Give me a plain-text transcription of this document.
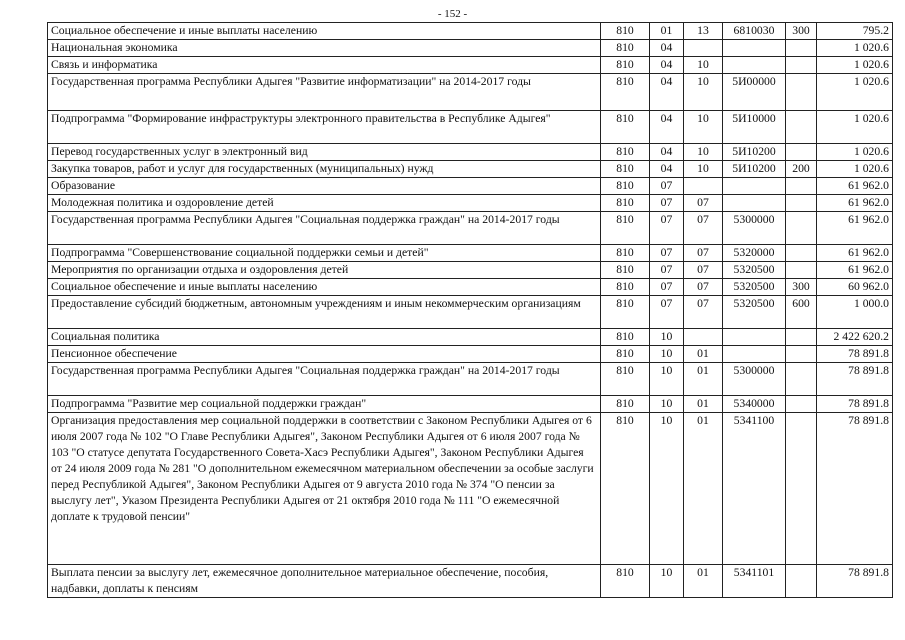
- 152 -
Социальное обеспечение и иные выплаты населению	810	01	13	6810030	300	795.2
Национальная экономика	810	04				1 020.6
Связь и информатика	810	04	10			1 020.6
Государственная программа Республики Адыгея "Развитие информатизации" на 2014-2017 годы	810	04	10	5И00000		1 020.6
Подпрограмма "Формирование инфраструктуры электронного правительства в Республике Адыгея"	810	04	10	5И10000		1 020.6
Перевод государственных услуг в электронный вид	810	04	10	5И10200		1 020.6
Закупка товаров, работ и услуг для государственных (муниципальных) нужд	810	04	10	5И10200	200	1 020.6
Образование	810	07				61 962.0
Молодежная политика и оздоровление детей	810	07	07			61 962.0
Государственная программа Республики Адыгея "Социальная поддержка граждан" на 2014-2017 годы	810	07	07	5300000		61 962.0
Подпрограмма "Совершенствование социальной поддержки семьи и детей"	810	07	07	5320000		61 962.0
Мероприятия по организации отдыха и оздоровления детей	810	07	07	5320500		61 962.0
Социальное обеспечение и иные выплаты населению	810	07	07	5320500	300	60 962.0
Предоставление субсидий бюджетным, автономным учреждениям и иным некоммерческим организациям	810	07	07	5320500	600	1 000.0
Социальная политика	810	10				2 422 620.2
Пенсионное обеспечение	810	10	01			78 891.8
Государственная программа Республики Адыгея "Социальная поддержка граждан" на 2014-2017 годы	810	10	01	5300000		78 891.8
Подпрограмма "Развитие мер социальной поддержки граждан"	810	10	01	5340000		78 891.8
Организация предоставления мер социальной поддержки в соответствии с Законом Республики Адыгея от 6 июля 2007 года № 102 "О Главе Республики Адыгея", Законом Республики Адыгея от 6 июля 2007 года № 103 "О статусе депутата Государственного Совета-Хасэ Республики Адыгея", Законом Республики Адыгея от 24 июля 2009 года № 281 "О дополнительном ежемесячном материальном обеспечении за особые заслуги перед Республикой Адыгея", Законом Республики Адыгея от 9 августа 2010 года № 374 "О пенсии за выслугу лет", Указом Президента Республики Адыгея от 21 октября 2010 года № 111 "О ежемесячной доплате к трудовой пенсии"	810	10	01	5341100		78 891.8
Выплата пенсии за выслугу лет, ежемесячное дополнительное материальное обеспечение, пособия, надбавки, доплаты к пенсиям	810	10	01	5341101		78 891.8
